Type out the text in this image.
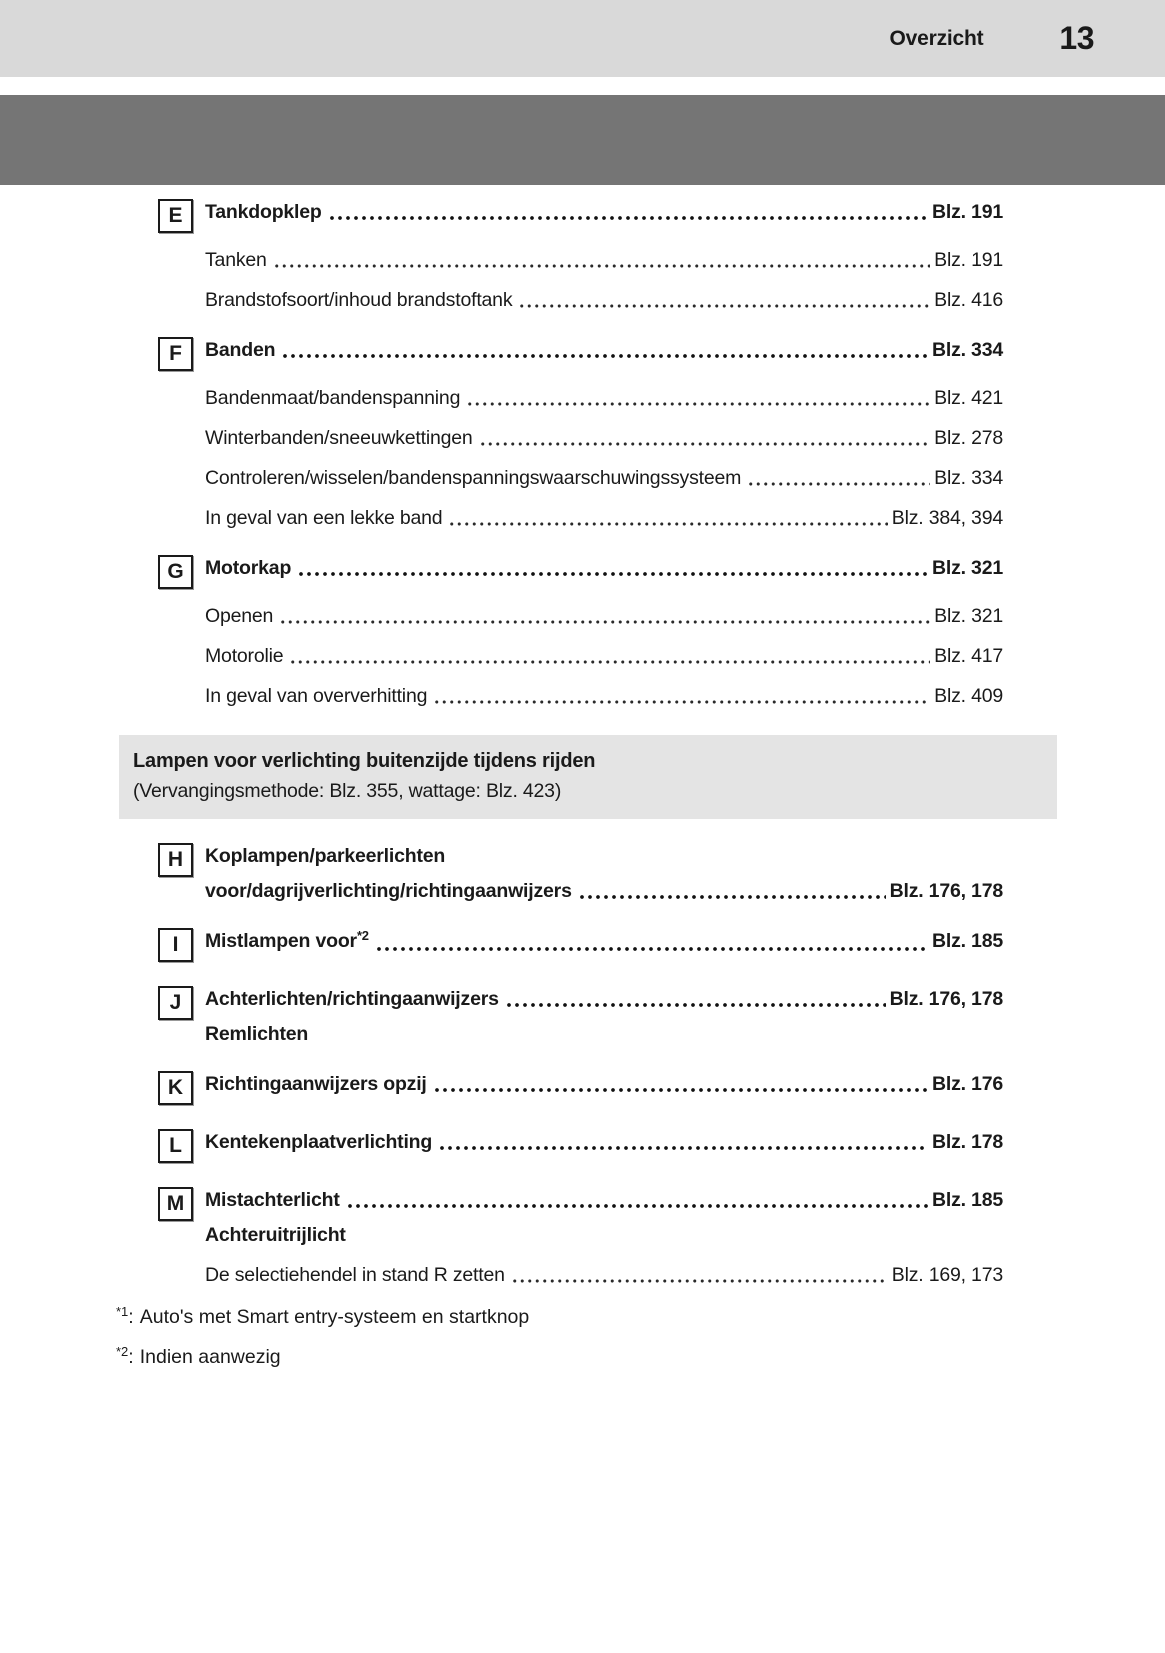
Overzicht 13
E	Tankdopklep	Blz. 191
Tanken	Blz. 191
Brandstofsoort/inhoud brandstoftank	Blz. 416
F	Banden	Blz. 334
Bandenmaat/bandenspanning	Blz. 421
Winterbanden/sneeuwkettingen	Blz. 278
Controleren/wisselen/bandenspanningswaarschuwingssysteem	Blz. 334
In geval van een lekke band	Blz. 384, 394
G	Motorkap	Blz. 321
Openen	Blz. 321
Motorolie	Blz. 417
In geval van oververhitting	Blz. 409
Lampen voor verlichting buitenzijde tijdens rijden
(Vervangingsmethode: Blz. 355, wattage: Blz. 423)
H	Koplampen/parkeerlichten
voor/dagrijverlichting/richtingaanwijzers	Blz. 176, 178
I	Mistlampen voor *2	Blz. 185
J	Achterlichten/richtingaanwijzers	Blz. 176, 178
Remlichten
K	Richtingaanwijzers opzij	Blz. 176
L	Kentekenplaatverlichting	Blz. 178
M	Mistachterlicht	Blz. 185
Achteruitrijlicht
De selectiehendel in stand R zetten	Blz. 169, 173
$^{*1}$: Auto's met Smart entry-systeem en startknop
$^{*2}$: Indien aanwezig
